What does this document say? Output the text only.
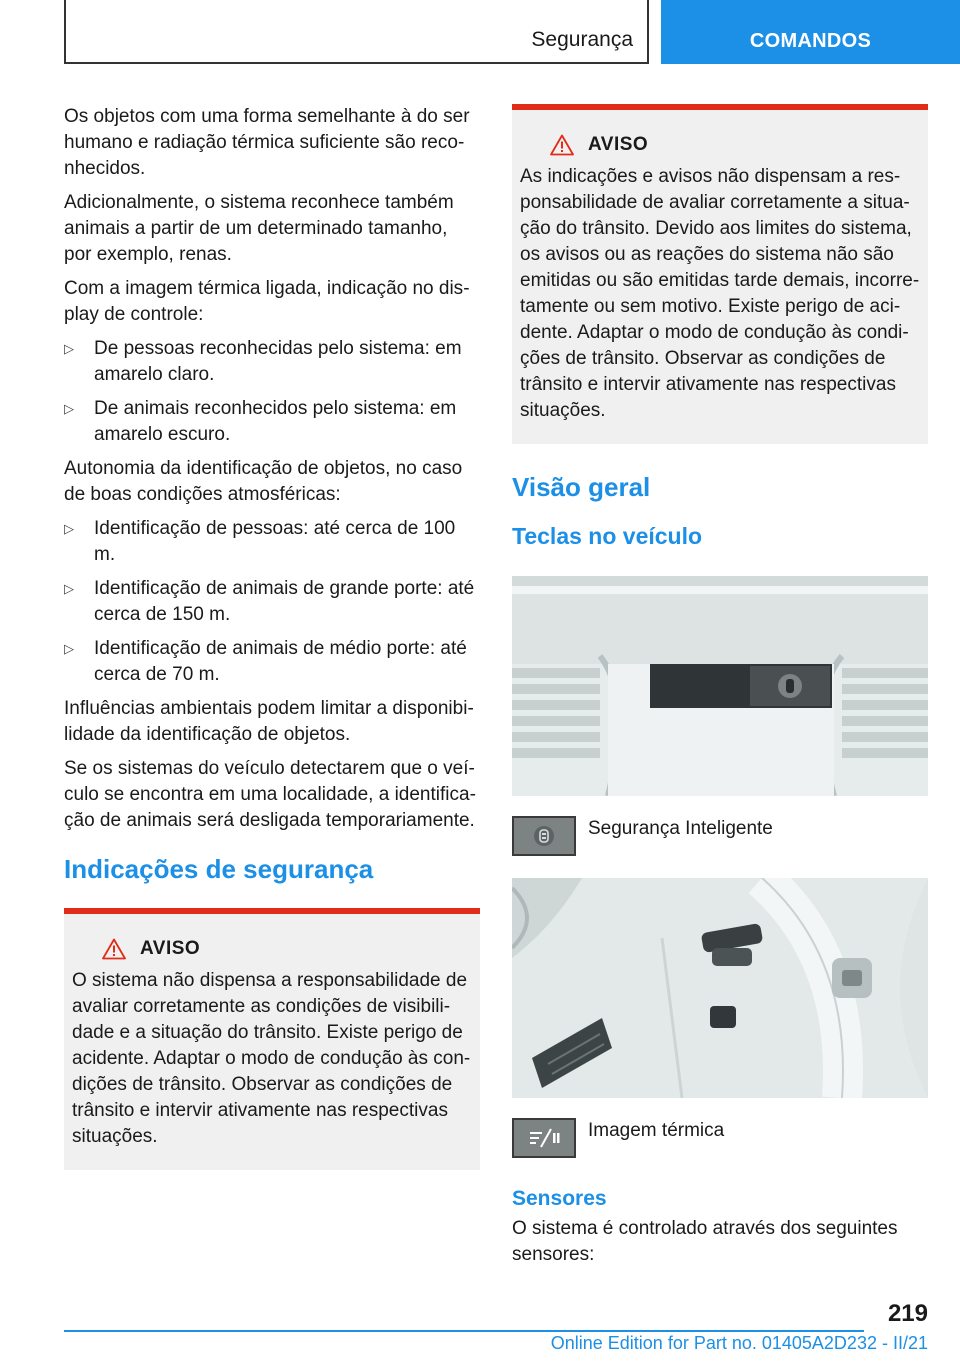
Segurança	COMANDOS

Os objetos com uma forma semelhante à do ser humano e radiação térmica suficiente são reconhecidos.

Adicionalmente, o sistema reconhece também animais a partir de um determinado tamanho, por exemplo, renas.

Com a imagem térmica ligada, indicação no display de controle:

▷ De pessoas reconhecidas pelo sistema: em amarelo claro.
▷ De animais reconhecidos pelo sistema: em amarelo escuro.

Autonomia da identificação de objetos, no caso de boas condições atmosféricas:

▷ Identificação de pessoas: até cerca de 100 m.
▷ Identificação de animais de grande porte: até cerca de 150 m.
▷ Identificação de animais de médio porte: até cerca de 70 m.

Influências ambientais podem limitar a disponibilidade da identificação de objetos.

Se os sistemas do veículo detectarem que o veículo se encontra em uma localidade, a identificação de animais será desligada temporariamente.

Indicações de segurança
AVISO

O sistema não dispensa a responsabilidade de avaliar corretamente as condições de visibilidade e a situação do trânsito. Existe perigo de acidente. Adaptar o modo de condução às condições de trânsito. Observar as condições de trânsito e intervir ativamente nas respectivas situações.

AVISO

As indicações e avisos não dispensam a responsabilidade de avaliar corretamente a situação do trânsito. Devido aos limites do sistema, os avisos ou as reações do sistema não são emitidas ou são emitidas tarde demais, incorretamente ou sem motivo. Existe perigo de acidente. Adaptar o modo de condução às condições de trânsito. Observar as condições de trânsito e intervir ativamente nas respectivas situações.

Visão geral
Teclas no veículo
Segurança Inteligente
Imagem térmica
Sensores

O sistema é controlado através dos seguintes sensores:

219
Online Edition for Part no. 01405A2D232 - II/21
